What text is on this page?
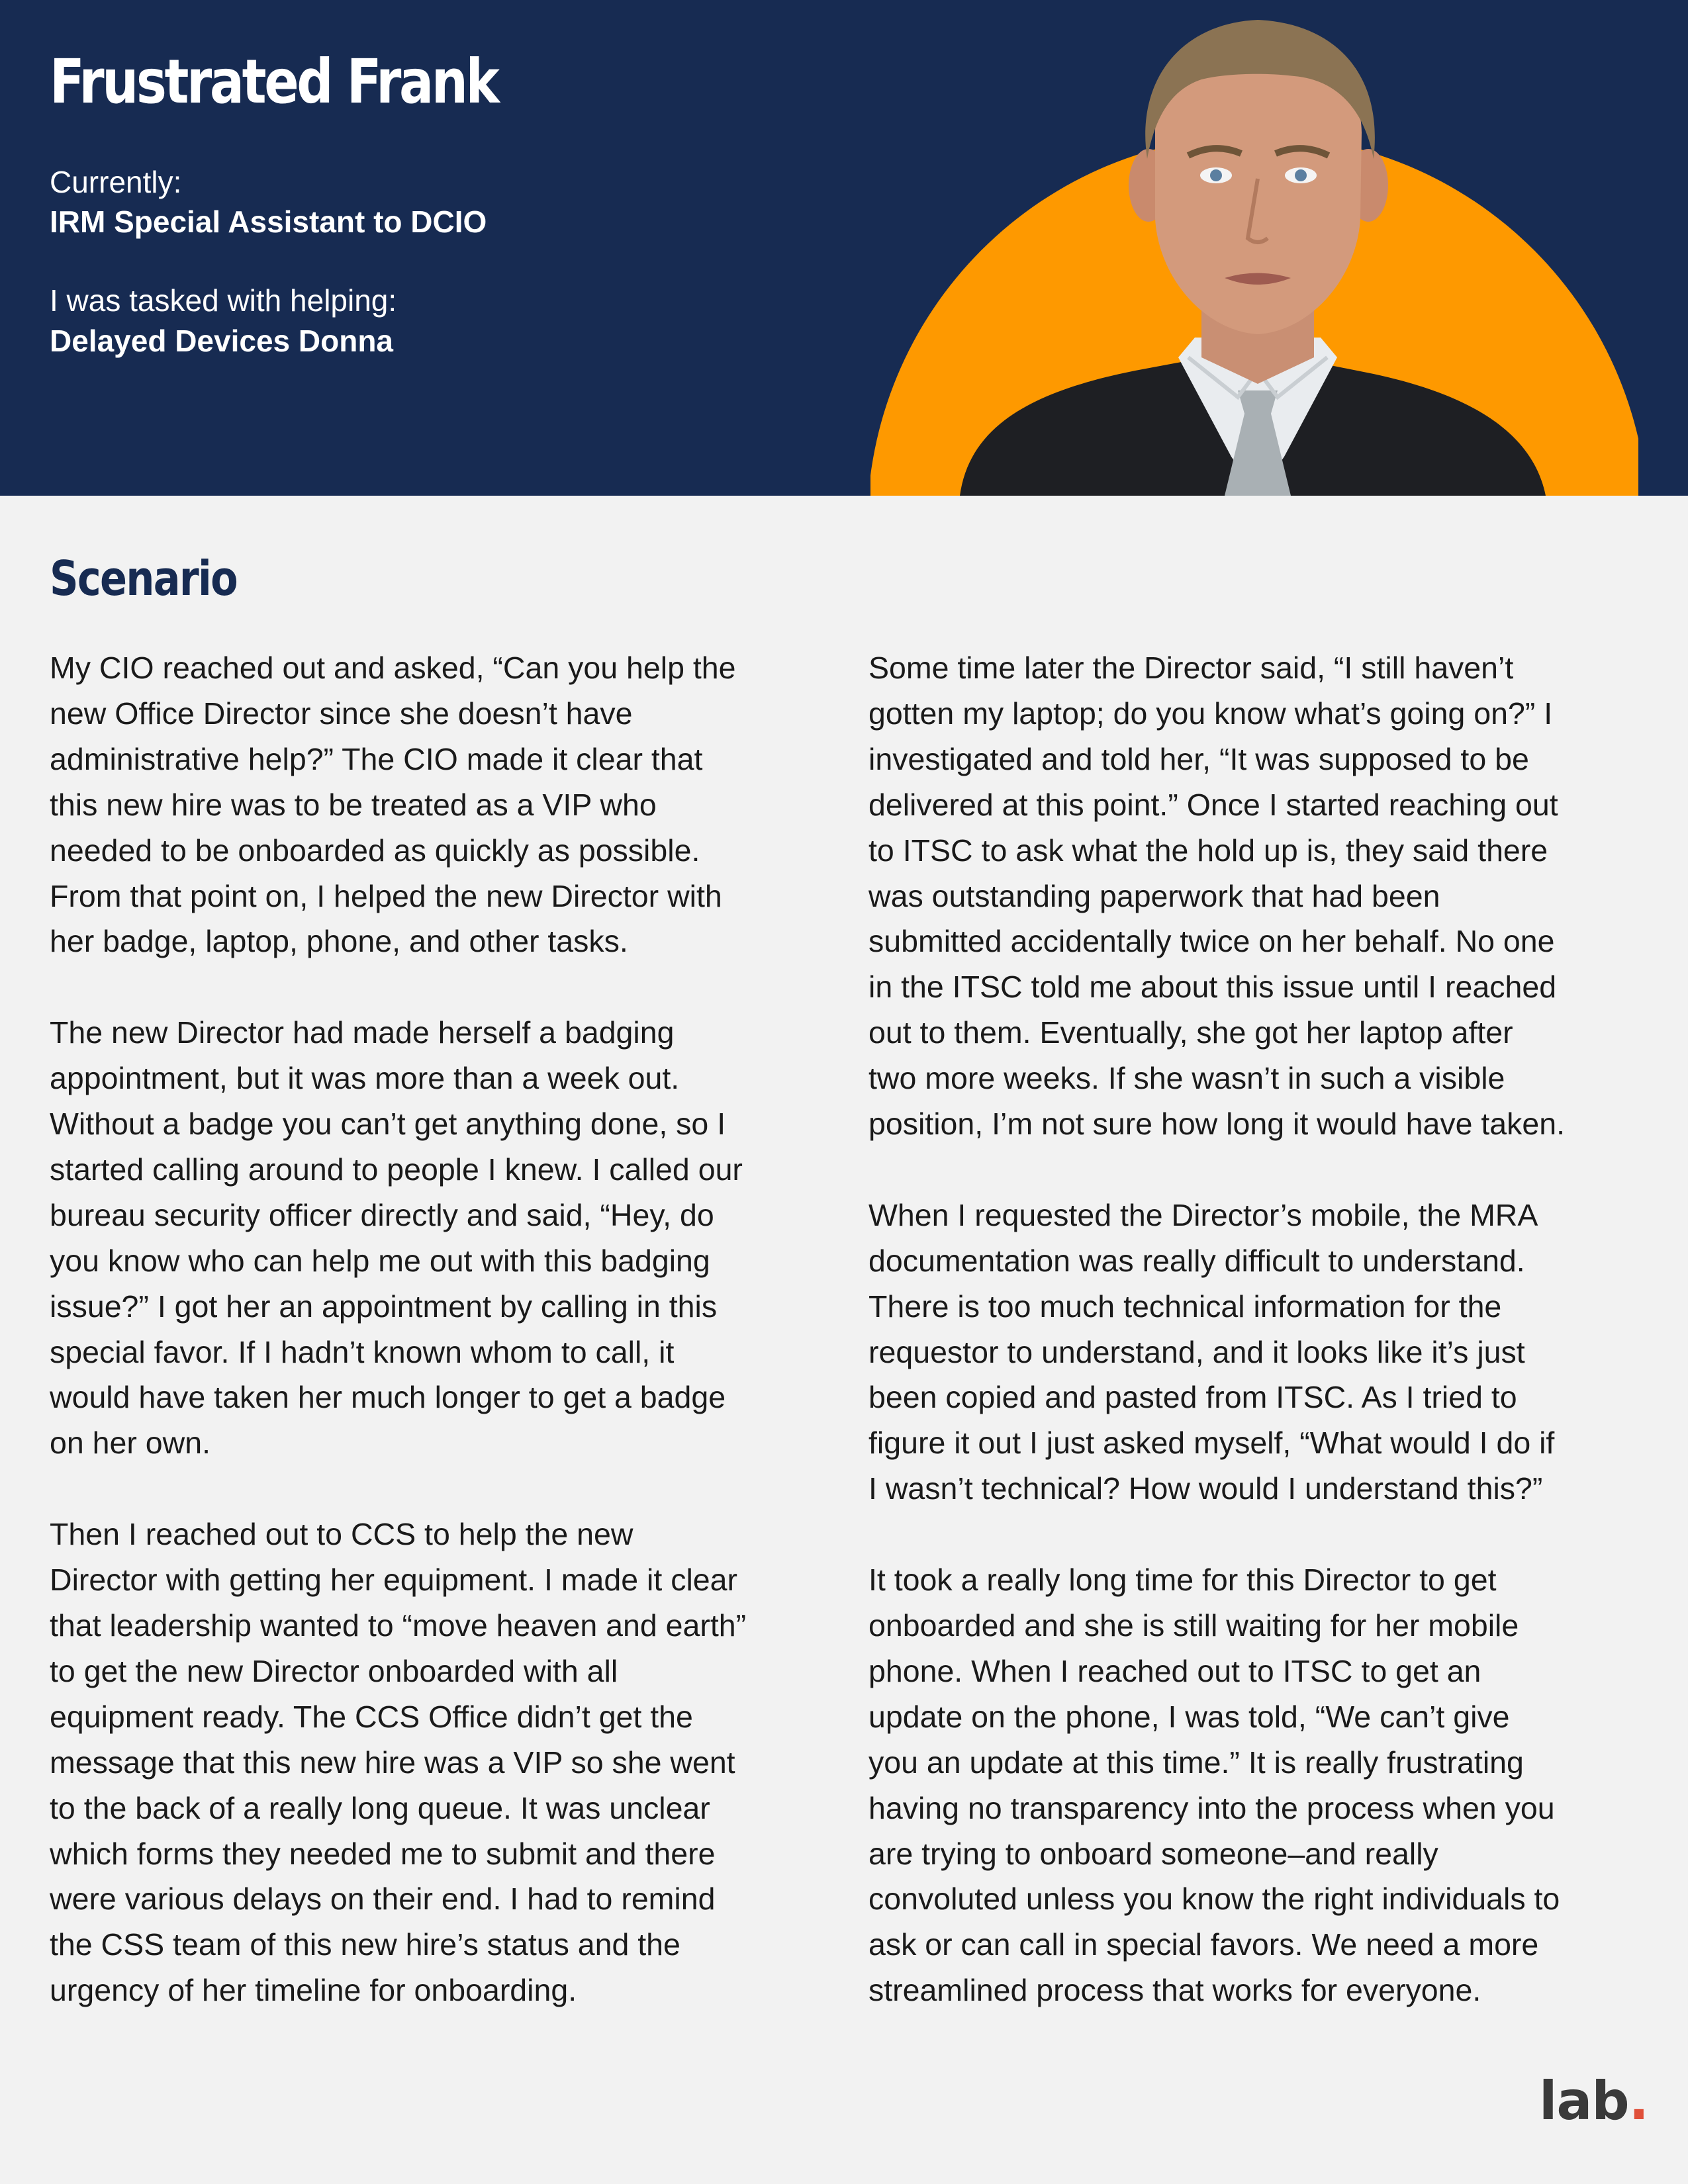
Frustrated Frank
Currently:
IRM Special Assistant to DCIO
I was tasked with helping:
Delayed Devices Donna
Scenario

My CIO reached out and asked, “Can you help the
new Office Director since she doesn’t have
administrative help?” The CIO made it clear that
this new hire was to be treated as a VIP who
needed to be onboarded as quickly as possible.
From that point on, I helped the new Director with
her badge, laptop, phone, and other tasks.

The new Director had made herself a badging
appointment, but it was more than a week out.
Without a badge you can’t get anything done, so I
started calling around to people I knew. I called our
bureau security officer directly and said, “Hey, do
you know who can help me out with this badging
issue?” I got her an appointment by calling in this
special favor. If I hadn’t known whom to call, it
would have taken her much longer to get a badge
on her own.

Then I reached out to CCS to help the new
Director with getting her equipment. I made it clear
that leadership wanted to “move heaven and earth”
to get the new Director onboarded with all
equipment ready. The CCS Office didn’t get the
message that this new hire was a VIP so she went
to the back of a really long queue. It was unclear
which forms they needed me to submit and there
were various delays on their end. I had to remind
the CSS team of this new hire’s status and the
urgency of her timeline for onboarding.

Some time later the Director said, “I still haven’t
gotten my laptop; do you know what’s going on?” I
investigated and told her, “It was supposed to be
delivered at this point.” Once I started reaching out
to ITSC to ask what the hold up is, they said there
was outstanding paperwork that had been
submitted accidentally twice on her behalf. No one
in the ITSC told me about this issue until I reached
out to them. Eventually, she got her laptop after
two more weeks. If she wasn’t in such a visible
position, I’m not sure how long it would have taken.

When I requested the Director’s mobile, the MRA
documentation was really difficult to understand.
There is too much technical information for the
requestor to understand, and it looks like it’s just
been copied and pasted from ITSC. As I tried to
figure it out I just asked myself, “What would I do if
I wasn’t technical? How would I understand this?”

It took a really long time for this Director to get
onboarded and she is still waiting for her mobile
phone. When I reached out to ITSC to get an
update on the phone, I was told, “We can’t give
you an update at this time.” It is really frustrating
having no transparency into the process when you
are trying to onboard someone–and really
convoluted unless you know the right individuals to
ask or can call in special favors. We need a more
streamlined process that works for everyone.

lab.
